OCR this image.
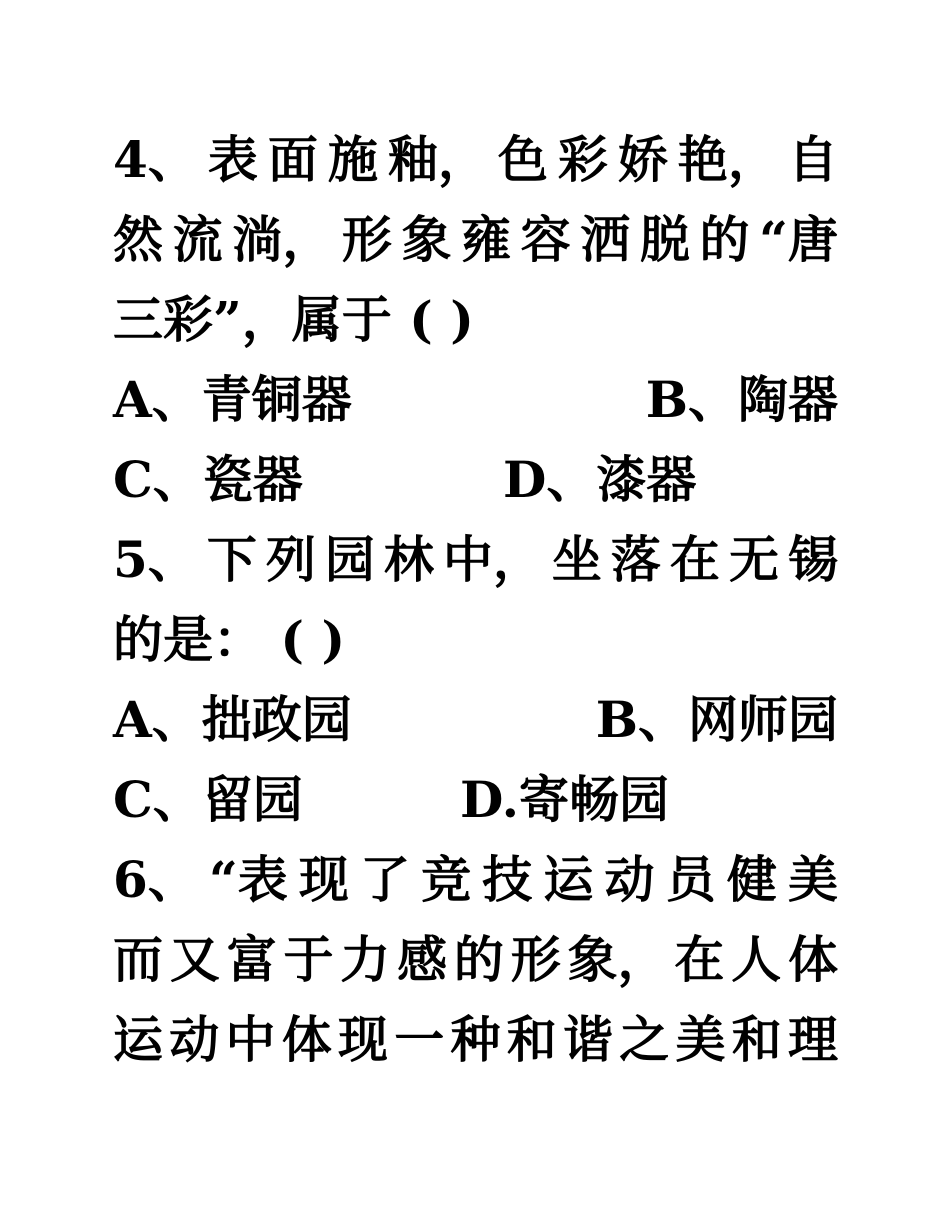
4、 表 面 施 釉， 色 彩 娇 艳， 自
然 流 淌， 形 象 雍 容 洒 脱 的 “唐
三彩”，属于 ( )
A、青铜器	B、陶器
C、瓷器	D、漆器
5、 下 列 园 林 中， 坐 落 在 无 锡
的是： ( )
A、拙政园	B、网师园
C、留园	D.寄畅园
6、 “表 现 了 竞 技 运 动 员 健 美
而 又 富 于 力 感 的 形 象， 在 人 体
运 动 中 体 现 一 种 和 谐 之 美 和 理
